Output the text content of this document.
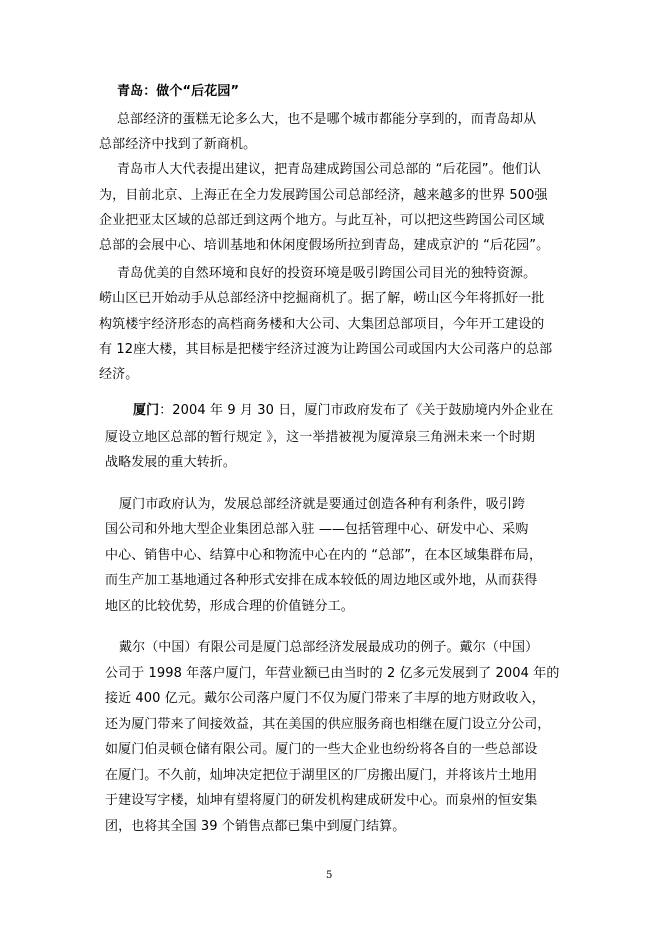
青岛：做个“后花园”
总部经济的蛋糕无论多么大，也不是哪个城市都能分享到的，而青岛却从
总部经济中找到了新商机。
青岛市人大代表提出建议，把青岛建成跨国公司总部的 “后花园”。他们认
为，目前北京、上海正在全力发展跨国公司总部经济，越来越多的世界 500强
企业把亚太区域的总部迁到这两个地方。与此互补，可以把这些跨国公司区域
总部的会展中心、培训基地和休闲度假场所拉到青岛，建成京沪的 “后花园”。
青岛优美的自然环境和良好的投资环境是吸引跨国公司目光的独特资源。
崂山区已开始动手从总部经济中挖掘商机了。据了解，崂山区今年将抓好一批
构筑楼宇经济形态的高档商务楼和大公司、大集团总部项目，今年开工建设的
有 12座大楼，其目标是把楼宇经济过渡为让跨国公司或国内大公司落户的总部
经济。
厦门：2004 年 9 月 30 日，厦门市政府发布了《关于鼓励境内外企业在
厦设立地区总部的暂行规定 》，这一举措被视为厦漳泉三角洲未来一个时期
战略发展的重大转折。
厦门市政府认为，发展总部经济就是要通过创造各种有利条件，吸引跨
国公司和外地大型企业集团总部入驻 ——包括管理中心、研发中心、采购
中心、销售中心、结算中心和物流中心在内的 “总部”，在本区域集群布局，
而生产加工基地通过各种形式安排在成本较低的周边地区或外地，从而获得
地区的比较优势，形成合理的价值链分工。
戴尔（中国）有限公司是厦门总部经济发展最成功的例子。戴尔（中国）
公司于 1998 年落户厦门，年营业额已由当时的 2 亿多元发展到了 2004 年的
接近 400 亿元。戴尔公司落户厦门不仅为厦门带来了丰厚的地方财政收入，
还为厦门带来了间接效益，其在美国的供应服务商也相继在厦门设立分公司，
如厦门伯灵顿仓储有限公司。厦门的一些大企业也纷纷将各自的一些总部设
在厦门。不久前，灿坤决定把位于湖里区的厂房搬出厦门，并将该片土地用
于建设写字楼，灿坤有望将厦门的研发机构建成研发中心。而泉州的恒安集
团，也将其全国 39 个销售点都已集中到厦门结算。
5
